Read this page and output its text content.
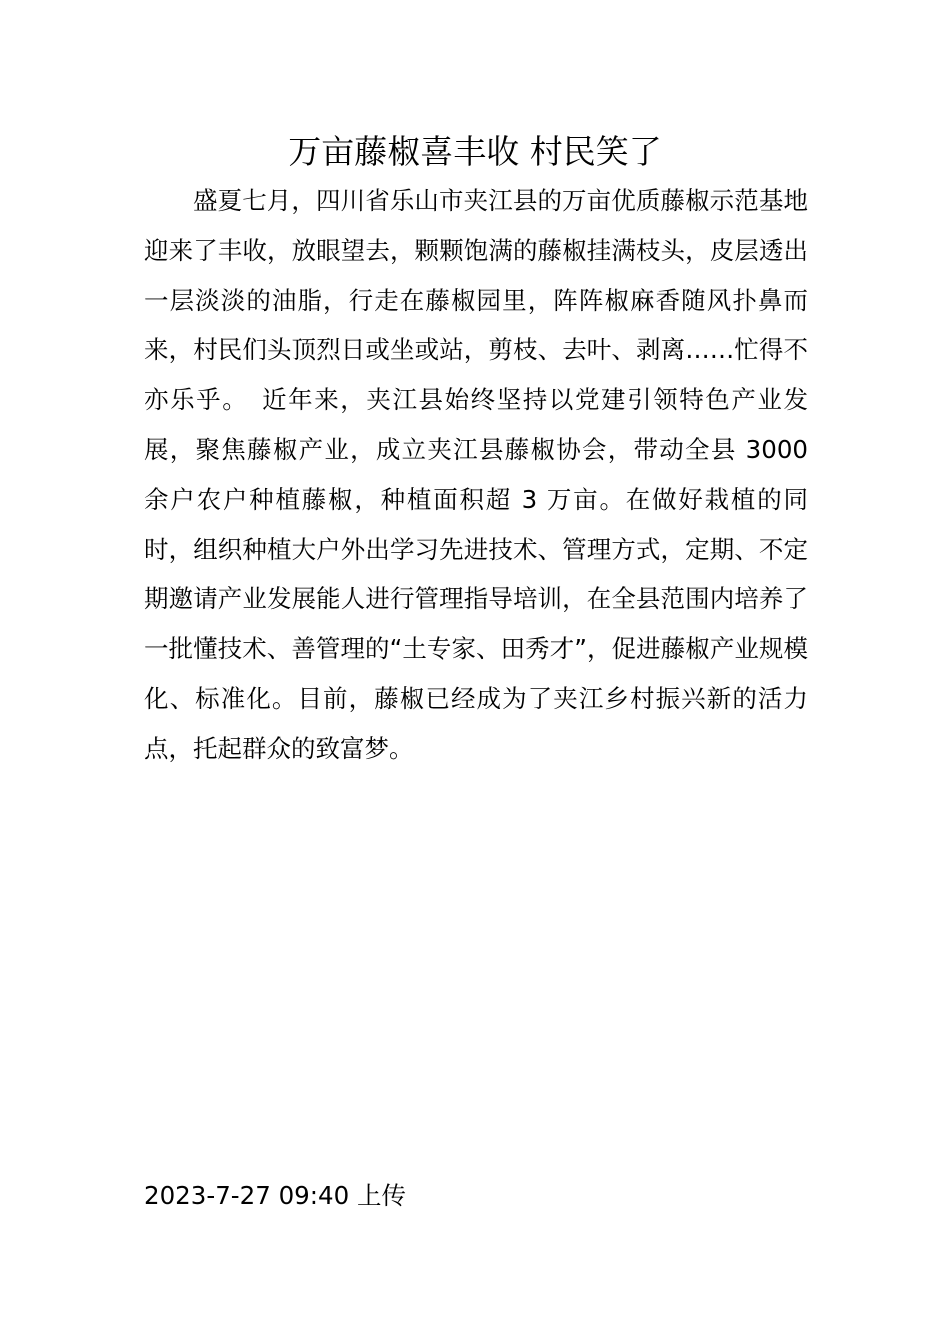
万亩藤椒喜丰收 村民笑了

盛夏七月，四川省乐山市夹江县的万亩优质藤椒示范基地迎来了丰收，放眼望去，颗颗饱满的藤椒挂满枝头，皮层透出一层淡淡的油脂，行走在藤椒园里，阵阵椒麻香随风扑鼻而来，村民们头顶烈日或坐或站，剪枝、去叶、剥离……忙得不亦乐乎。　近年来，夹江县始终坚持以党建引领特色产业发展，聚焦藤椒产业，成立夹江县藤椒协会，带动全县 3000 余户农户种植藤椒，种植面积超 3 万亩。在做好栽植的同时，组织种植大户外出学习先进技术、管理方式，定期、不定期邀请产业发展能人进行管理指导培训，在全县范围内培养了一批懂技术、善管理的“土专家、田秀才”，促进藤椒产业规模化、标准化。目前，藤椒已经成为了夹江乡村振兴新的活力点，托起群众的致富梦。

2023-7-27 09:40 上传
